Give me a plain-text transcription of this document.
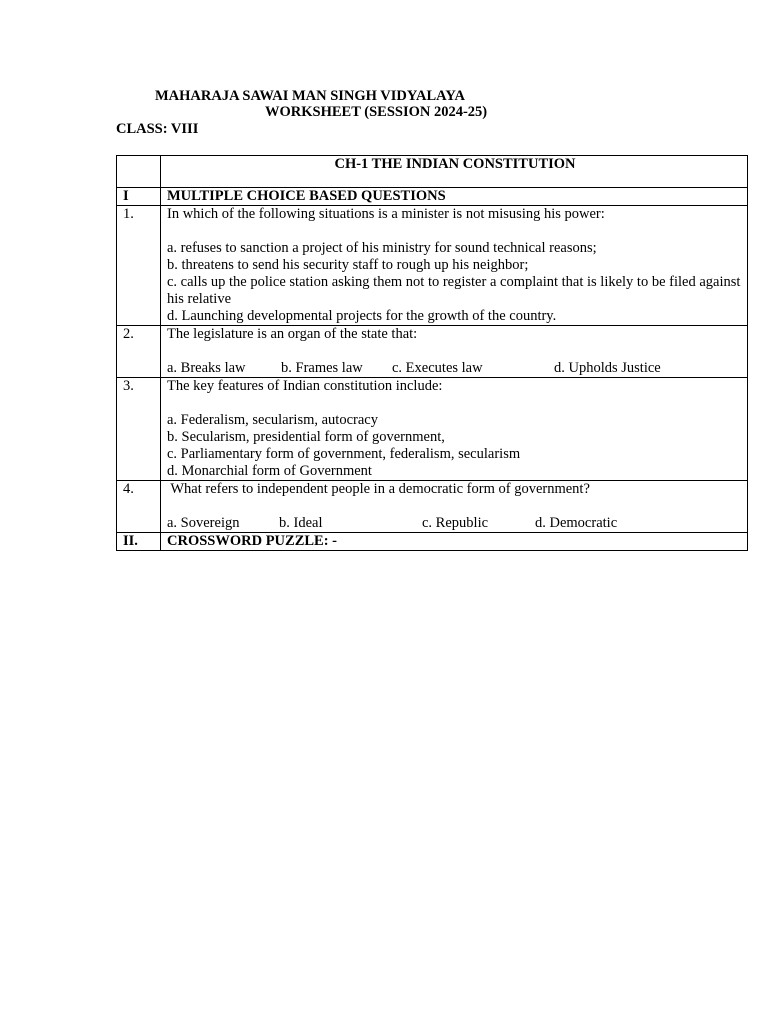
MAHARAJA SAWAI MAN SINGH VIDYALAYA
WORKSHEET (SESSION 2024-25)
CLASS: VIII
	CH-1 THE INDIAN CONSTITUTION
I	MULTIPLE CHOICE BASED QUESTIONS
1.	In which of the following situations is a minister is not misusing his power:
a. refuses to sanction a project of his ministry for sound technical reasons;
b. threatens to send his security staff to rough up his neighbor;
c. calls up the police station asking them not to register a complaint that is likely to be filed against his relative
d. Launching developmental projects for the growth of the country.

2.	The legislature is an organ of the state that:
a. Breaks law b. Frames law c. Executes law d. Upholds Justice

3.	The key features of Indian constitution include:
a. Federalism, secularism, autocracy
b. Secularism, presidential form of government,
c. Parliamentary form of government, federalism, secularism
d. Monarchial form of Government

4.	What refers to independent people in a democratic form of government?
a. Sovereign b. Ideal c. Republic d. Democratic

II.	CROSSWORD PUZZLE: -
